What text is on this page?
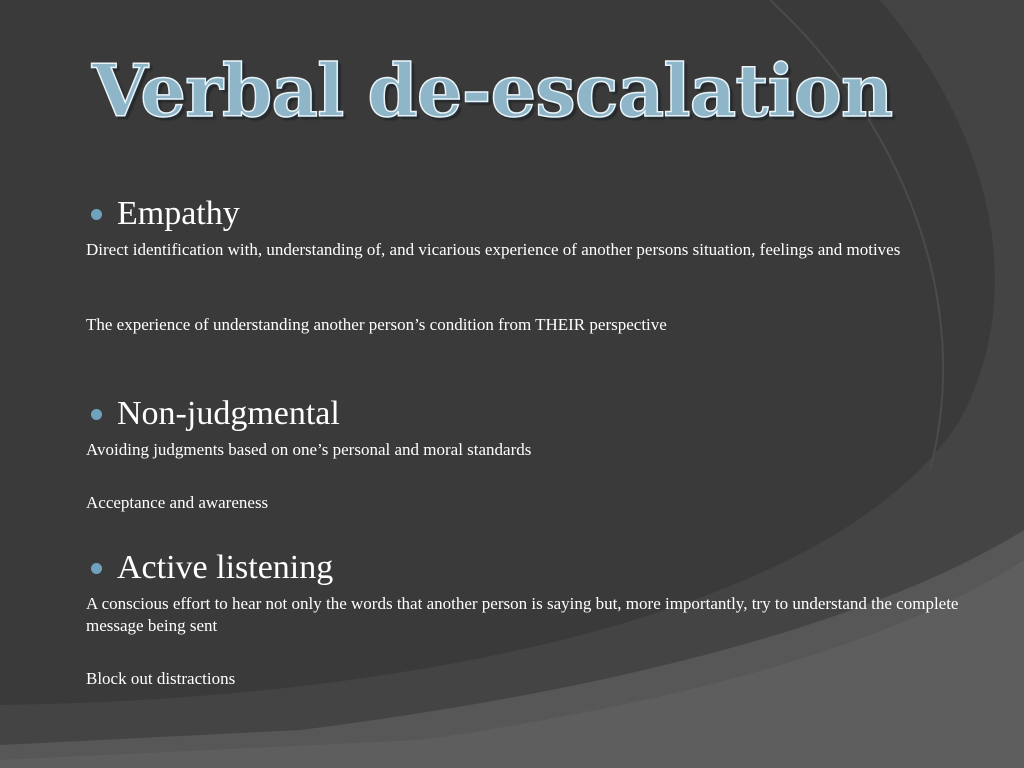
Verbal de-escalation
Empathy

Direct identification with, understanding of, and vicarious experience of another persons situation, feelings and motives

The experience of understanding another person’s condition from THEIR perspective

Non-judgmental

Avoiding judgments based on one’s personal and moral standards

Acceptance and awareness

Active listening

A conscious effort to hear not only the words that another person is saying but, more importantly, try to understand the complete message being sent

Block out distractions
